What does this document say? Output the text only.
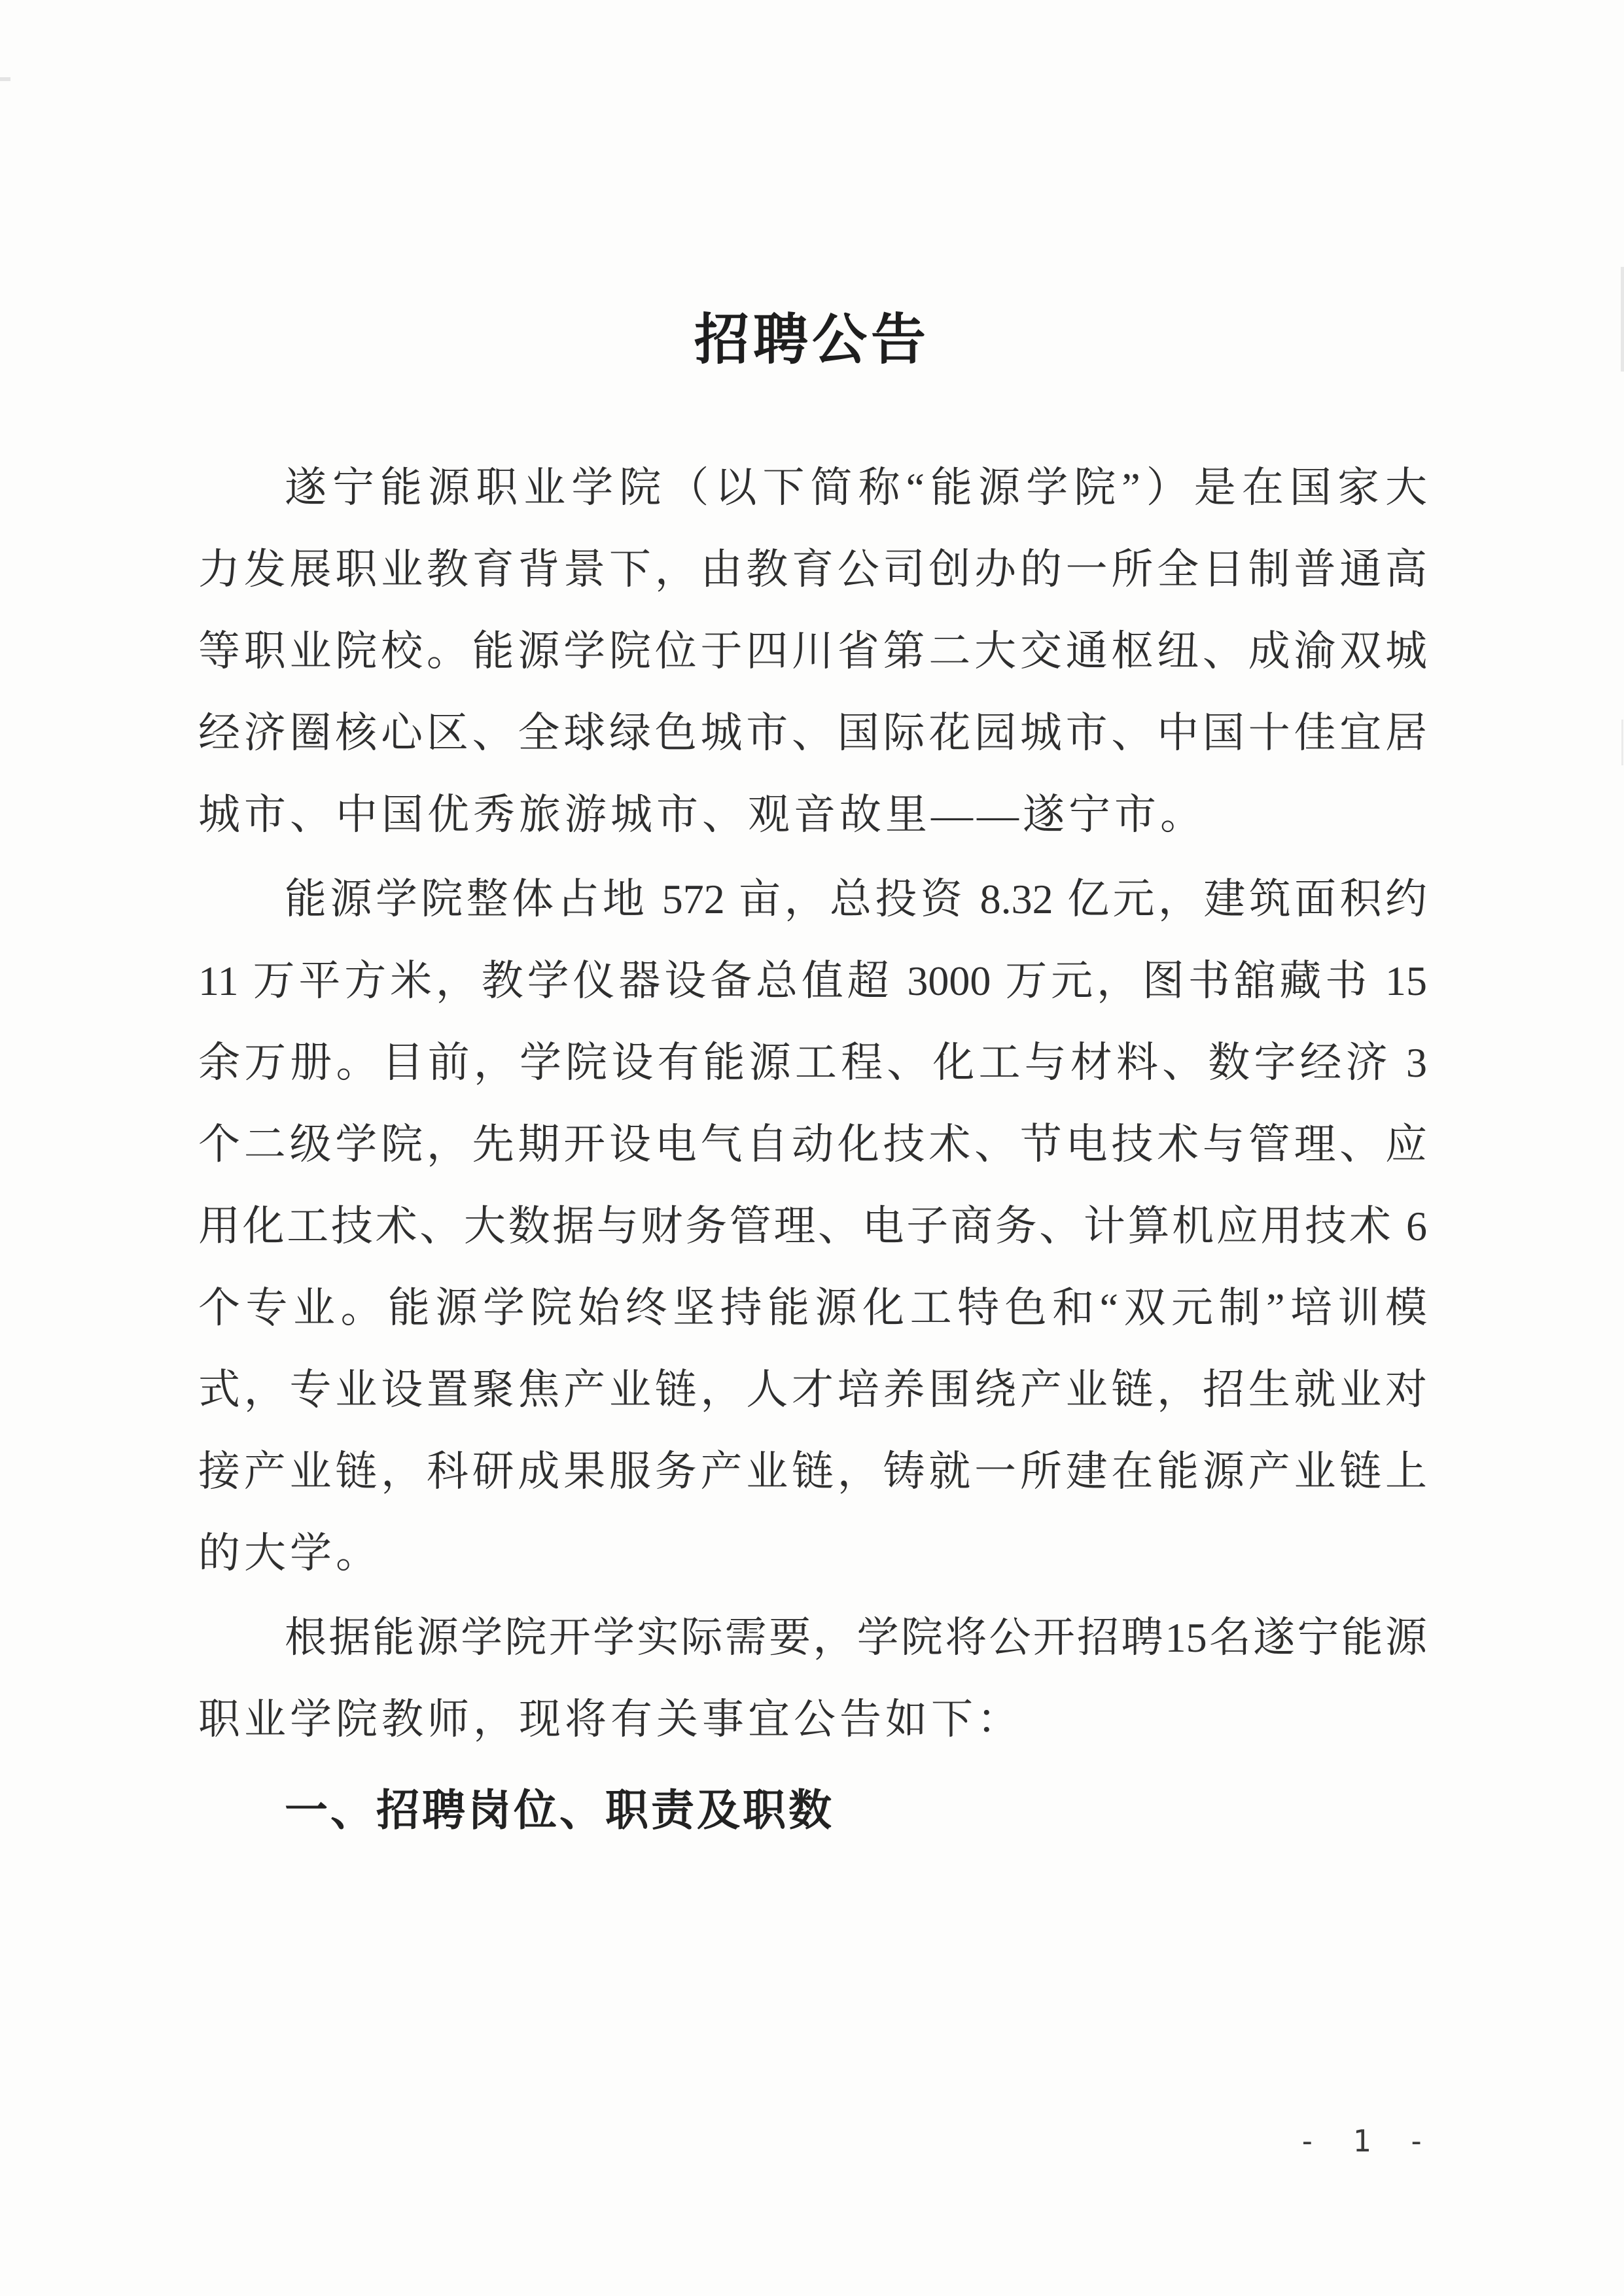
招聘公告
遂宁能源职业学院（以下简称“能源学院”）是在国家大
力发展职业教育背景下，由教育公司创办的一所全日制普通高
等职业院校。能源学院位于四川省第二大交通枢纽、成渝双城
经济圈核心区、全球绿色城市、国际花园城市、中国十佳宜居
城市、中国优秀旅游城市、观音故里——遂宁市。
能源学院整体占地 572 亩，总投资 8.32 亿元，建筑面积约
11 万平方米，教学仪器设备总值超 3000 万元，图书舘藏书 15
余万册。目前，学院设有能源工程、化工与材料、数字经济 3
个二级学院，先期开设电气自动化技术、节电技术与管理、应
用化工技术、大数据与财务管理、电子商务、计算机应用技术 6
个专业。能源学院始终坚持能源化工特色和“双元制”培训模
式，专业设置聚焦产业链，人才培养围绕产业链，招生就业对
接产业链，科研成果服务产业链，铸就一所建在能源产业链上
的大学。
根据能源学院开学实际需要，学院将公开招聘15名遂宁能源
职业学院教师，现将有关事宜公告如下：
一、招聘岗位、职责及职数
- 1 -
